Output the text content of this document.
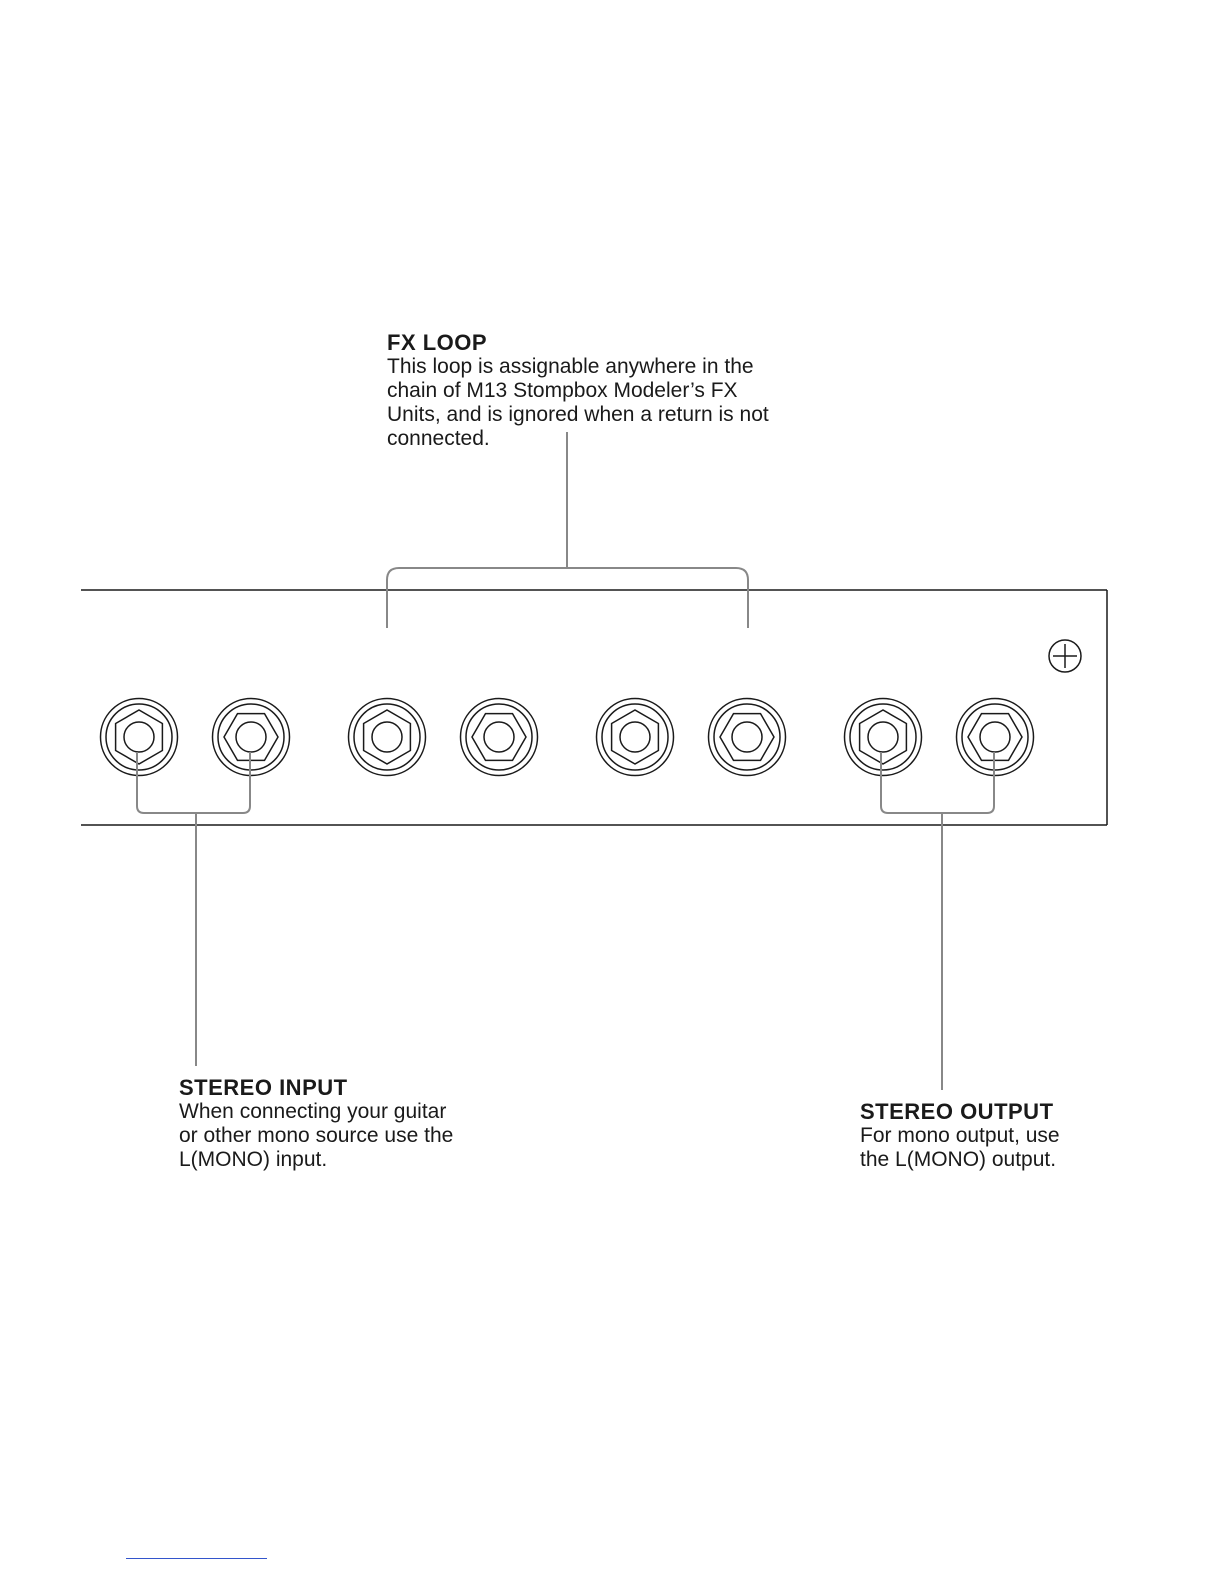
FX LOOP
This loop is assignable anywhere in the
chain of M13 Stompbox Modeler’s FX
Units, and is ignored when a return is not
connected.
STEREO INPUT
When connecting your guitar
or other mono source use the
L(MONO) input.
STEREO OUTPUT
For mono output, use
the L(MONO) output.
